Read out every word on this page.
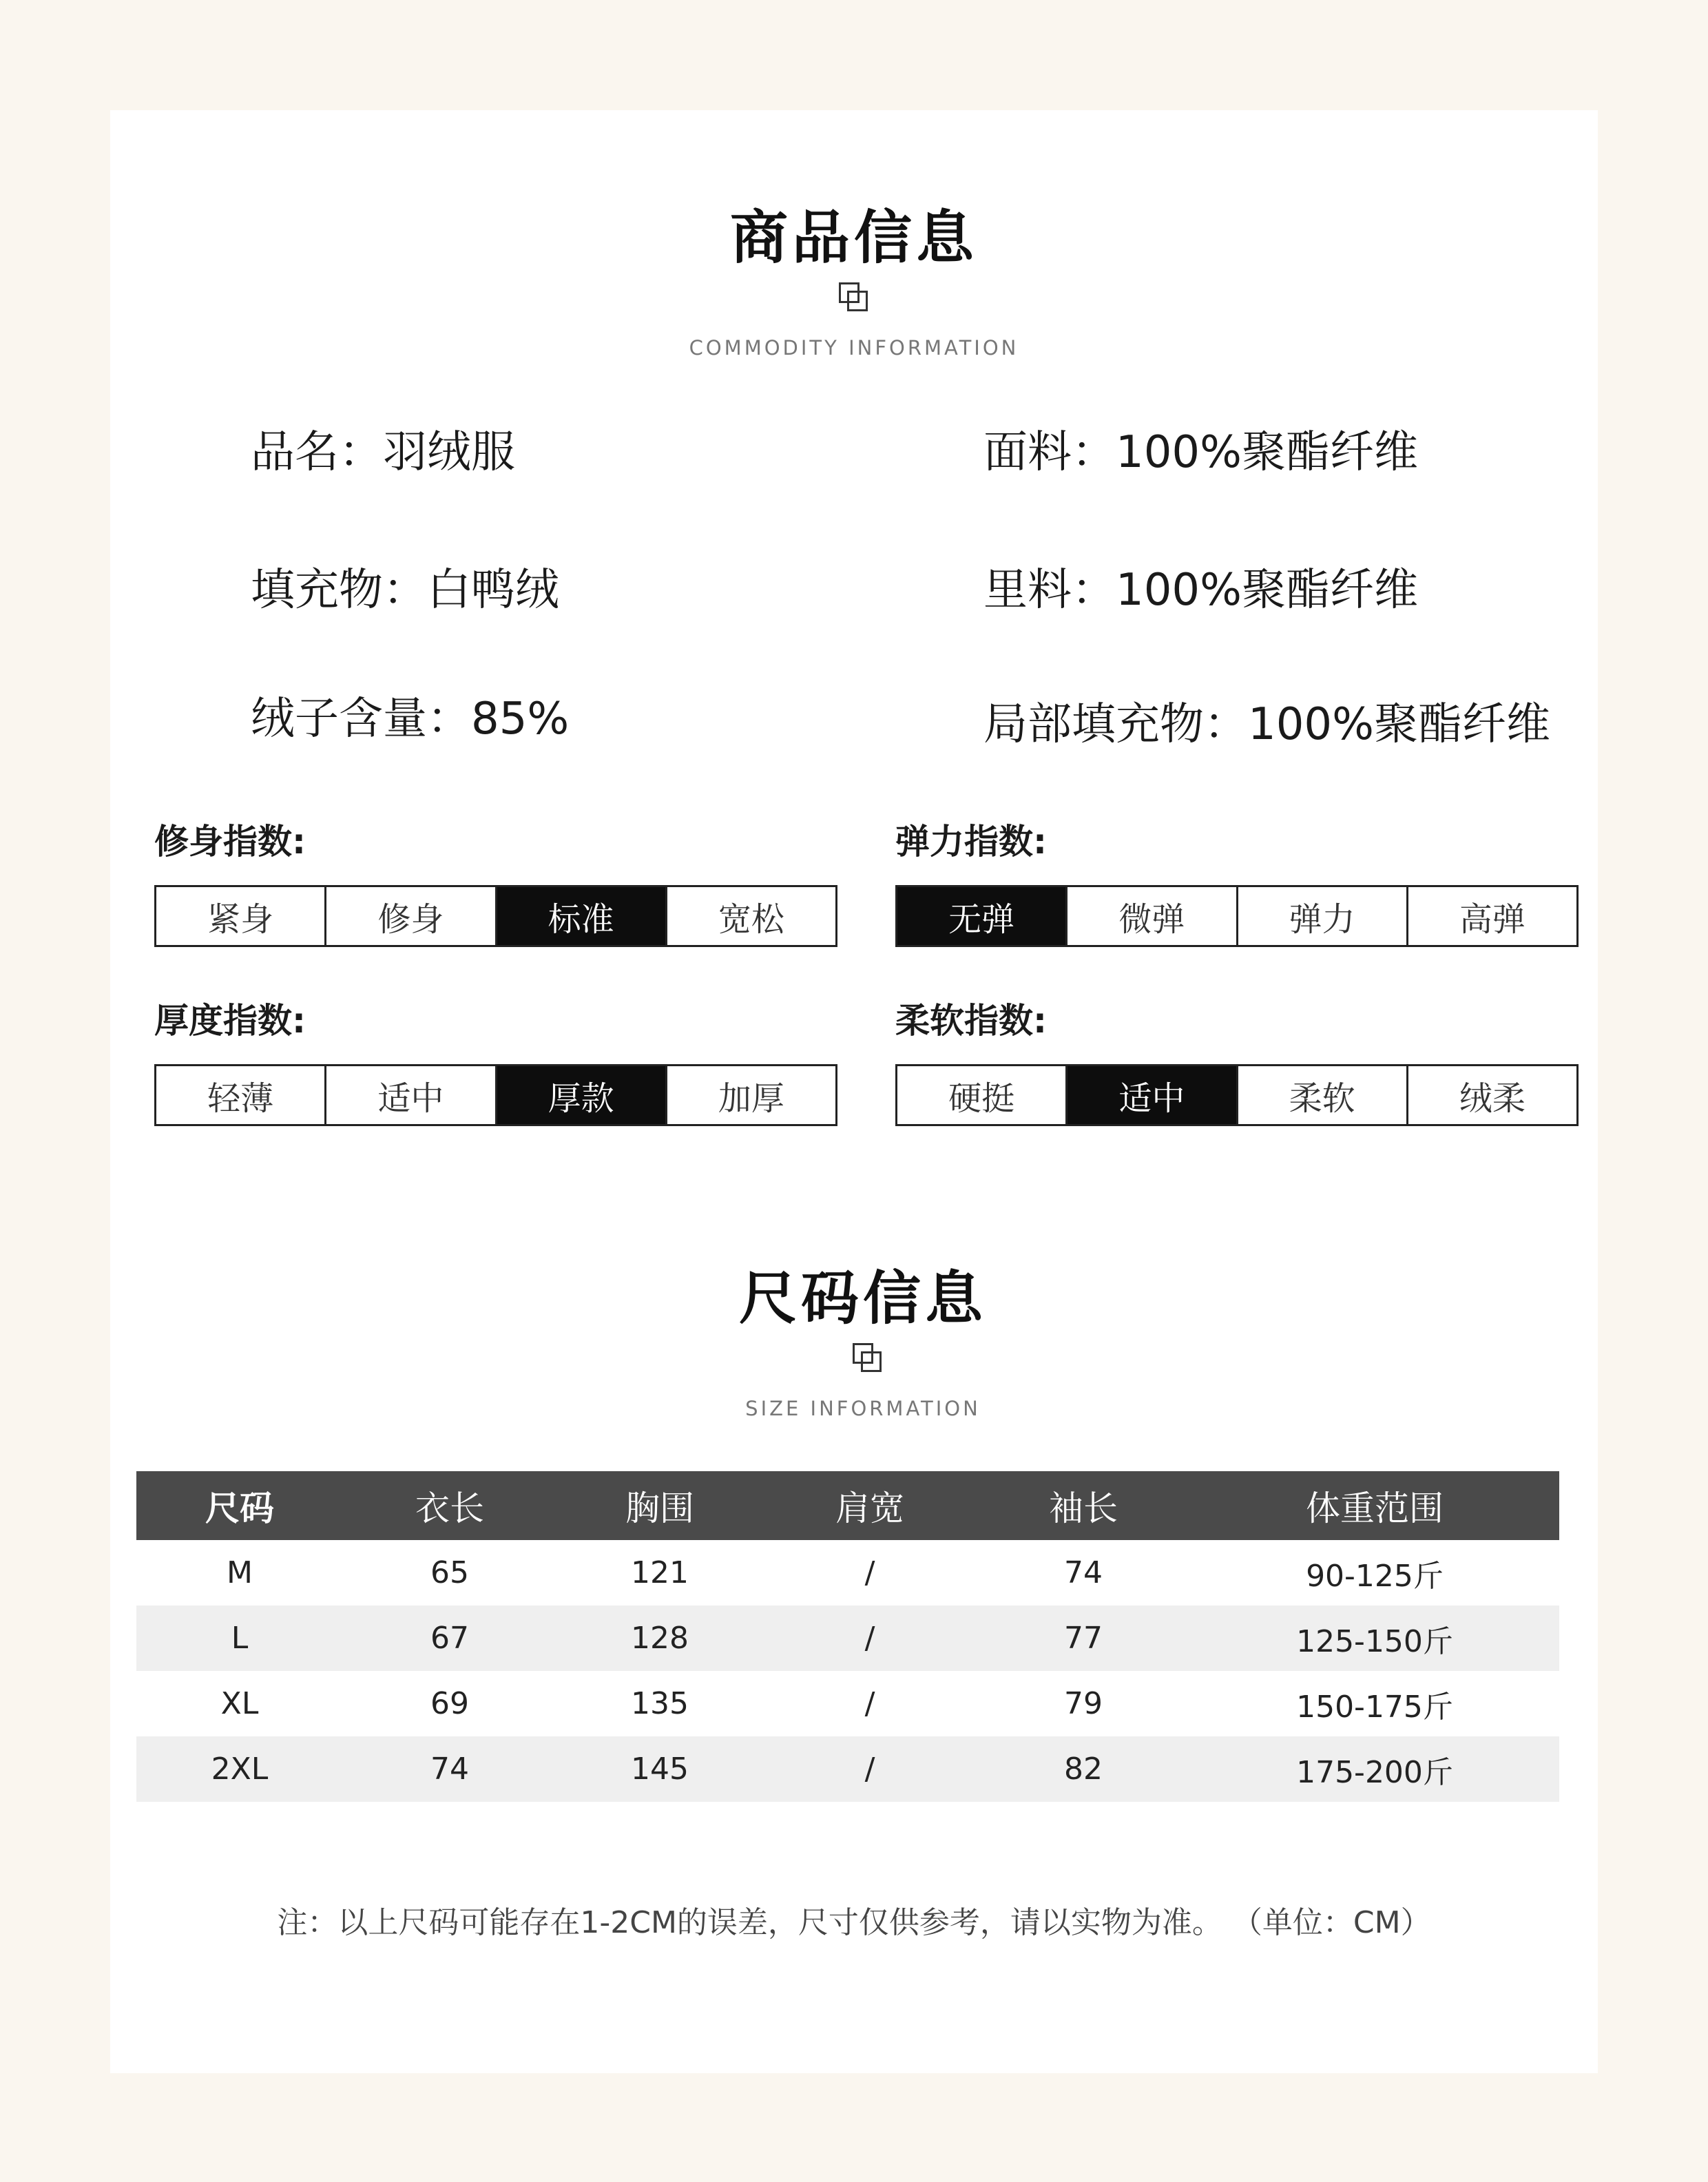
商品信息
COMMODITY INFORMATION
品名：羽绒服	面料：100%聚酯纤维
填充物：白鸭绒	里料：100%聚酯纤维
绒子含量：85%	局部填充物：100%聚酯纤维
修身指数:
紧身	修身	标准	宽松
弹力指数:
无弹	微弹	弹力	高弹
厚度指数:
轻薄	适中	厚款	加厚
柔软指数:
硬挺	适中	柔软	绒柔
尺码信息
SIZE INFORMATION
尺码	衣长	胸围	肩宽	袖长	体重范围
M	65	121	/	74	90-125斤
L	67	128	/	77	125-150斤
XL	69	135	/	79	150-175斤
2XL	74	145	/	82	175-200斤
注：以上尺码可能存在1-2CM的误差，尺寸仅供参考，请以实物为准。 （单位：CM）
